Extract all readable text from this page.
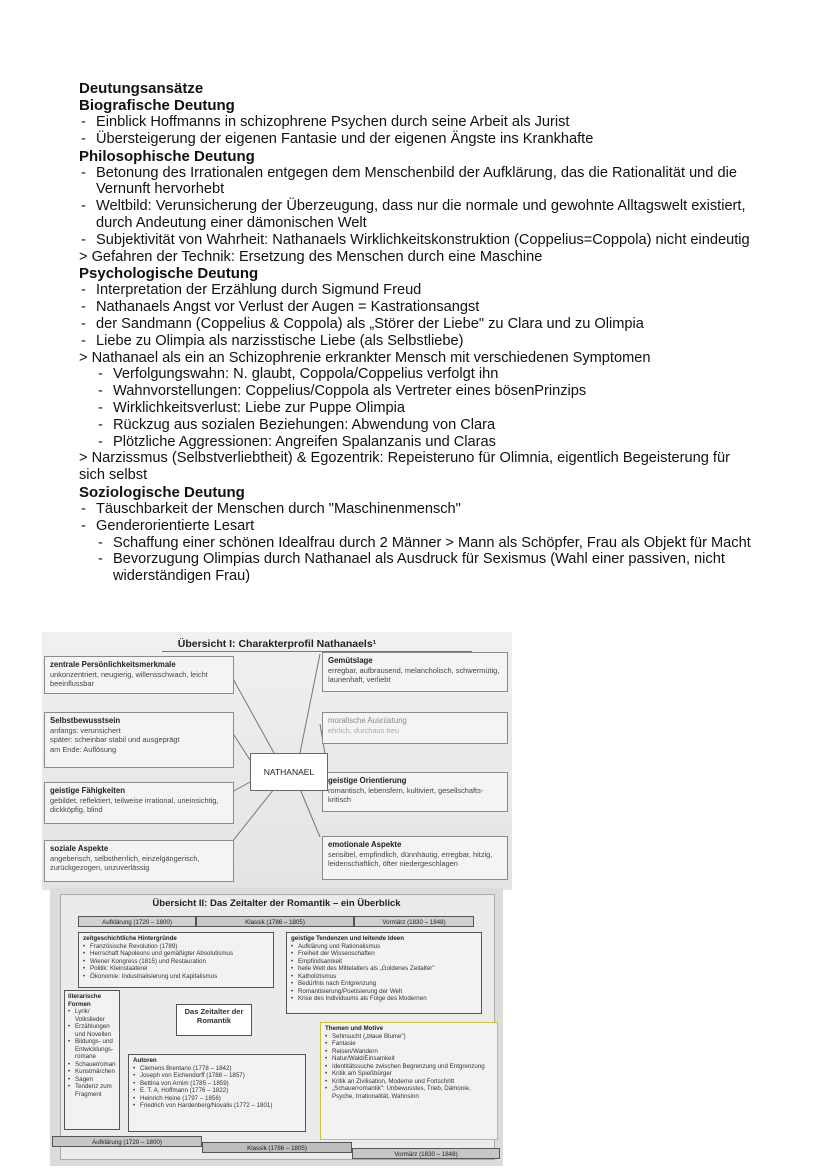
Deutungsansätze
Biografische Deutung
- Einblick Hoffmanns in schizophrene Psychen durch seine Arbeit als Jurist
- Übersteigerung der eigenen Fantasie und der eigenen Ängste ins Krankhafte
Philosophische Deutung
- Betonung des Irrationalen entgegen dem Menschenbild der Aufklärung, das die Rationalität und die Vernunft hervorhebt
- Weltbild: Verunsicherung der Überzeugung, dass nur die normale und gewohnte Alltagswelt existiert, durch Andeutung einer dämonischen Welt
- Subjektivität von Wahrheit: Nathanaels Wirklichkeitskonstruktion (Coppelius=Coppola) nicht eindeutig
> Gefahren der Technik: Ersetzung des Menschen durch eine Maschine
Psychologische Deutung
- Interpretation der Erzählung durch Sigmund Freud
- Nathanaels Angst vor Verlust der Augen = Kastrationsangst
- der Sandmann (Coppelius & Coppola) als „Störer der Liebe" zu Clara und zu Olimpia
- Liebe zu Olimpia als narzisstische Liebe (als Selbstliebe)
> Nathanael als ein an Schizophrenie erkrankter Mensch mit verschiedenen Symptomen
- Verfolgungswahn: N. glaubt, Coppola/Coppelius verfolgt ihn
- Wahnvorstellungen: Coppelius/Coppola als Vertreter eines bösenPrinzips
- Wirklichkeitsverlust: Liebe zur Puppe Olimpia
- Rückzug aus sozialen Beziehungen: Abwendung von Clara
- Plötzliche Aggressionen: Angreifen Spalanzanis und Claras
> Narzissmus (Selbstverliebtheit) & Egozentrik: Repeisteruno für Olimnia, eigentlich Begeisterung für sich selbst
Soziologische Deutung
- Täuschbarkeit der Menschen durch "Maschinenmensch"
- Genderorientierte Lesart
- Schaffung einer schönen Idealfrau durch 2 Männer > Mann als Schöpfer, Frau als Objekt für Macht
- Bevorzugung Olimpias durch Nathanael als Ausdruck für Sexismus (Wahl einer passiven, nicht widerständigen Frau)
Übersicht I: Charakterprofil Nathanaels¹
zentrale Persönlichkeitsmerkmale
unkonzentriert, neugierig, willensschwach, leicht beeinflussbar
Selbstbewusstsein
anfangs: verunsichert
später: scheinbar stabil und ausgeprägt
am Ende: Auflösung
geistige Fähigkeiten
gebildet, reflektiert, teilweise irrational, uneinsichtig, dickköpfig, blind
soziale Aspekte
angeberisch, selbstherrlich, einzelgängerisch, zurückgezogen, unzuverlässig
Gemütslage
erregbar, aufbrausend, melancholisch, schwermütig, launenhaft, verliebt
moralische Ausrüstung
ehrlich, durchaus treu
geistige Orientierung
romantisch, lebensfern, kultiviert, gesellschafts-kritisch
emotionale Aspekte
sensibel, empfindlich, dünnhäutig, erregbar, hitzig, leidenschaftlich, öfter niedergeschlagen
NATHANAEL
Übersicht II: Das Zeitalter der Romantik – ein Überblick
Aufklärung (1720 – 1800)	Klassik (1786 – 1805)	Vormärz (1830 – 1848)
zeitgeschichtliche Hintergründe
• Französische Revolution (1789)
• Herrschaft Napoleons und gemäßigter Absolutismus
• Wiener Kongress (1815) und Restauration
• Politik: Kleinstaaterei
• Ökonomie: Industrialisierung und Kapitalismus
geistige Tendenzen und leitende Ideen
• Aufklärung und Rationalismus
• Freiheit der Wissenschaften
• Empfindsamkeit
• heile Welt des Mittelalters als „Goldenes Zeitalter"
• Katholizismus
• Bedürfnis nach Entgrenzung
• Romantisierung/Poetisierung der Welt
• Krise des Individuums als Folge des Modernen
literarische Formen
• Lyrik/ Volkslieder
• Erzählungen und Novellen
• Bildungs- und Entwicklungs-romane
• Schauerroman
• Kunstmärchen
• Sagen
• Tendenz zum Fragment
Das Zeitalter der Romantik
Autoren
• Clemens Brentano (1778 – 1842)
• Joseph von Eichendorff (1788 – 1857)
• Bettina von Arnim (1785 – 1859)
• E. T. A. Hoffmann (1776 – 1822)
• Heinrich Heine (1797 – 1856)
• Friedrich von Hardenberg/Novalis (1772 – 1801)
Themen und Motive
• Sehnsucht („blaue Blume")
• Fantasie
• Reisen/Wandern
• Natur/Wald/Einsamkeit
• Identitätssuche zwischen Begrenzung und Entgrenzung
• Kritik am Spießbürger
• Kritik an Zivilisation, Moderne und Fortschritt
• „Schauerromantik": Unbewusstes, Trieb, Dämonie, Psyche, Irrationalität, Wahnsinn
Aufklärung (1720 – 1800)
Klassik (1786 – 1805)
Vormärz (1830 – 1848)
